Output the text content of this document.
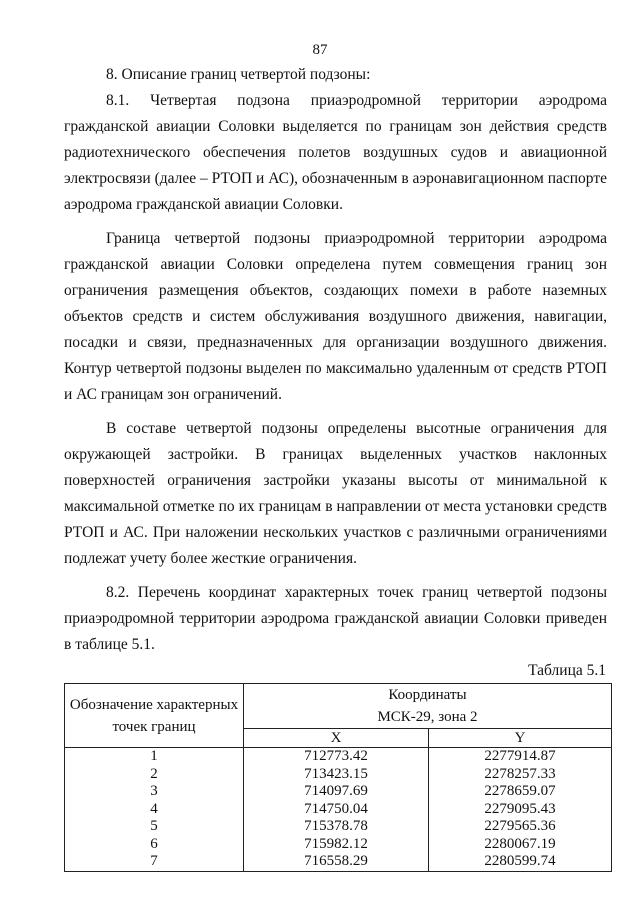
87

8. Описание границ четвертой подзоны:

8.1. Четвертая подзона приаэродромной территории аэродрома гражданской авиации Соловки выделяется по границам зон действия средств радиотехнического обеспечения полетов воздушных судов и авиационной электросвязи (далее – РТОП и АС), обозначенным в аэронавигационном паспорте аэродрома гражданской авиации Соловки.

Граница четвертой подзоны приаэродромной территории аэродрома гражданской авиации Соловки определена путем совмещения границ зон ограничения размещения объектов, создающих помехи в работе наземных объектов средств и систем обслуживания воздушного движения, навигации, посадки и связи, предназначенных для организации воздушного движения. Контур четвертой подзоны выделен по максимально удаленным от средств РТОП и АС границам зон ограничений.

В составе четвертой подзоны определены высотные ограничения для окружающей застройки. В границах выделенных участков наклонных поверхностей ограничения застройки указаны высоты от минимальной к максимальной отметке по их границам в направлении от места установки средств РТОП и АС. При наложении нескольких участков с различными ограничениями подлежат учету более жесткие ограничения.

8.2. Перечень координат характерных точек границ четвертой подзоны приаэродромной территории аэродрома гражданской авиации Соловки приведен в таблице 5.1.

Таблица 5.1
Обозначение характерных точек границ	Координаты
МСК-29, зона 2	

	X	Y
1	712773.42	2277914.87
2	713423.15	2278257.33
3	714097.69	2278659.07
4	714750.04	2279095.43
5	715378.78	2279565.36
6	715982.12	2280067.19
7	716558.29	2280599.74
